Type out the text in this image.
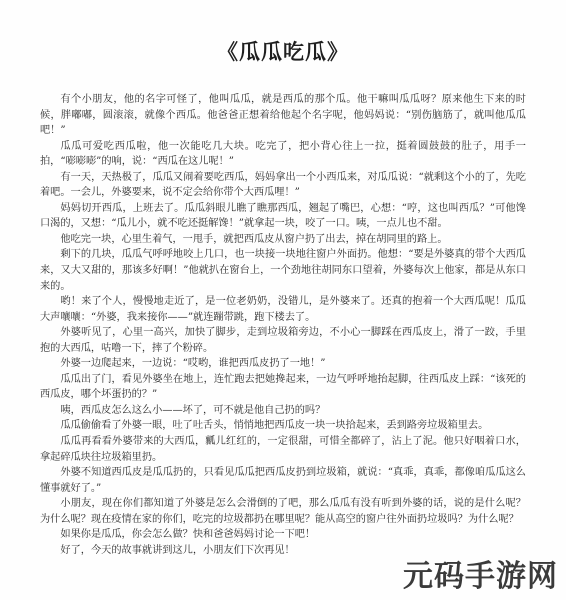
《瓜瓜吃瓜》

有个小朋友，他的名字可怪了，他叫瓜瓜，就是西瓜的那个瓜。他干嘛叫瓜瓜呀？原来他生下来的时候，胖嘟嘟，圆滚滚，就像个西瓜。他爸爸正想着给他起个名字呢，他妈妈说：“别伤脑筋了，就叫他瓜瓜吧！”

瓜瓜可爱吃西瓜啦，他一次能吃几大块。吃完了，把小背心往上一拉，挺着圆鼓鼓的肚子，用手一拍，“嘭嘭嘭”的响，说：“西瓜在这儿呢！”

有一天，天热极了，瓜瓜又闹着要吃西瓜，妈妈拿出一个小西瓜来，对瓜瓜说：“就剩这个小的了，先吃着吧。一会儿，外婆要来，说不定会给你带个大西瓜哩！”

妈妈切开西瓜，上班去了。瓜瓜斜眼儿瞧了瞧那西瓜，翘起了嘴巴，心想：“哼，这也叫西瓜？”可他馋口渴的，又想：“瓜儿小，就不吃还挺解馋！”就拿起一块，咬了一口。咦，一点儿也不甜。

他吃完一块，心里生着气，一甩手，就把西瓜皮从窗户扔了出去，掉在胡同里的路上。

剩下的几块，瓜瓜气呼呼地咬上几口，也一块接一块地往窗户外面扔。他想：“要是外婆真的带个大西瓜来，又大又甜的，那该多好啊！”他就扒在窗台上，一个劲地往胡同东口望着，外婆每次上他家，都是从东口来的。

哟！来了个人，慢慢地走近了，是一位老奶奶，没错儿，是外婆来了。还真的抱着一个大西瓜呢！瓜瓜大声嚷嚷：“外婆，我来接你——”就连蹦带跳，跑下楼去了。

外婆听见了，心里一高兴，加快了脚步，走到垃圾箱旁边，不小心一脚踩在西瓜皮上，滑了一跤，手里抱的大西瓜，咕噜一下，摔了个粉碎。

外婆一边爬起来，一边说：“哎哟，谁把西瓜皮扔了一地！”

瓜瓜出了门，看见外婆坐在地上，连忙跑去把她搀起来，一边气呼呼地抬起脚，往西瓜皮上踩：“该死的西瓜皮，哪个坏蛋扔的？”

咦，西瓜皮怎么这么小——坏了，可不就是他自己扔的吗？

瓜瓜偷偷看了外婆一眼，吐了吐舌头，悄悄地把西瓜皮一块一块拾起来，丢到路旁垃圾箱里去。

瓜瓜再看看外婆带来的大西瓜，瓤儿红红的，一定很甜，可惜全都碎了，沾上了泥。他只好咽着口水，拿起碎瓜块往垃圾箱里扔。

外婆不知道西瓜皮是瓜瓜扔的，只看见瓜瓜把西瓜皮扔到垃圾箱，就说：“真乖，真乖，都像咱瓜瓜这么懂事就好了。”

小朋友，现在你们都知道了外婆是怎么会滑倒的了吧，那么瓜瓜有没有听到外婆的话，说的是什么呢？为什么呢？现在疫情在家的你们，吃完的垃圾都扔在哪里呢？能从高空的窗户往外面扔垃圾吗？为什么呢？

如果你是瓜瓜，你会怎么做？快和爸爸妈妈讨论一下吧！

好了，今天的故事就讲到这儿，小朋友们下次再见！

元码手游网
